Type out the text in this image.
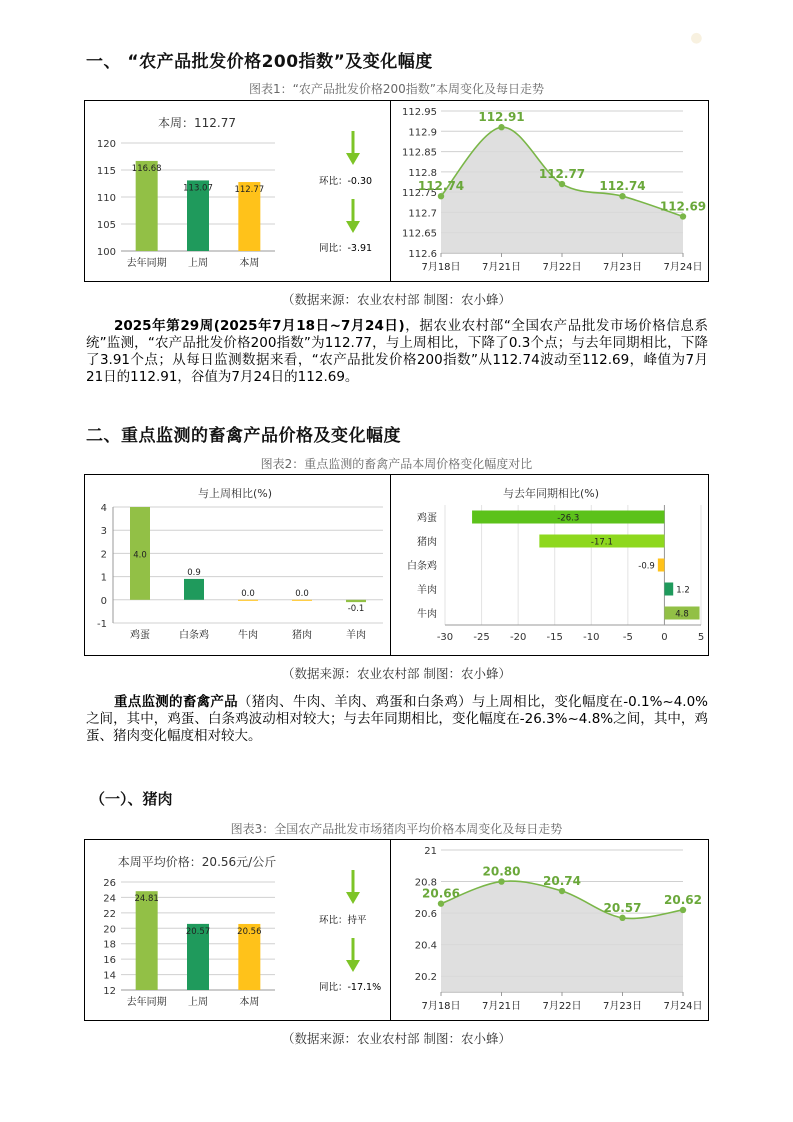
●
一、 “农产品批发价格200指数”及变化幅度
图表1：“农产品批发价格200指数”本周变化及每日走势
本周：112.77
120
115
110
105
100
116.68
去年同期
113.07
上周
112.77
本周
环比：-0.30
同比：-3.91
112.95
112.9
112.85
112.8
112.75
112.7
112.65
112.6
112.74
7月18日
112.91
7月21日
112.77
7月22日
112.74
7月23日
112.69
7月24日
（数据来源：农业农村部 制图：农小蜂）
2025年第29周(2025年7月18日~7月24日)，据农业农村部“全国农产品批发市场价格信息系统”监测，“农产品批发价格200指数”为112.77，与上周相比，下降了0.3个点；与去年同期相比，下降了3.91个点；从每日监测数据来看，“农产品批发价格200指数”从112.74波动至112.69，峰值为7月21日的112.91，谷值为7月24日的112.69。
二、重点监测的畜禽产品价格及变化幅度
图表2：重点监测的畜禽产品本周价格变化幅度对比
与上周相比(%)
4
3
2
1
0
-1
4.0
鸡蛋
0.9
白条鸡
0.0
牛肉
0.0
猪肉
-0.1
羊肉
与去年同期相比(%)
-30 -25 -20 -15 -10 -5	0	5
-26.3
鸡蛋
-17.1
猪肉
-0.9
白条鸡
1.2
羊肉
4.8
牛肉
（数据来源：农业农村部 制图：农小蜂）
重点监测的畜禽产品（猪肉、牛肉、羊肉、鸡蛋和白条鸡）与上周相比，变化幅度在-0.1%~4.0%之间，其中，鸡蛋、白条鸡波动相对较大；与去年同期相比，变化幅度在-26.3%~4.8%之间，其中，鸡蛋、猪肉变化幅度相对较大。
（一）、猪肉
图表3：全国农产品批发市场猪肉平均价格本周变化及每日走势
本周平均价格：20.56元/公斤
26
24
22
20
18
16
14
12
24.81
去年同期
20.57
上周
20.56
本周
环比：持平
同比：-17.1%
21
20.8
20.6
20.4
20.2
20.66
7月18日
20.80
7月21日
20.74
7月22日
20.57
7月23日
20.62
7月24日
（数据来源：农业农村部 制图：农小蜂）
